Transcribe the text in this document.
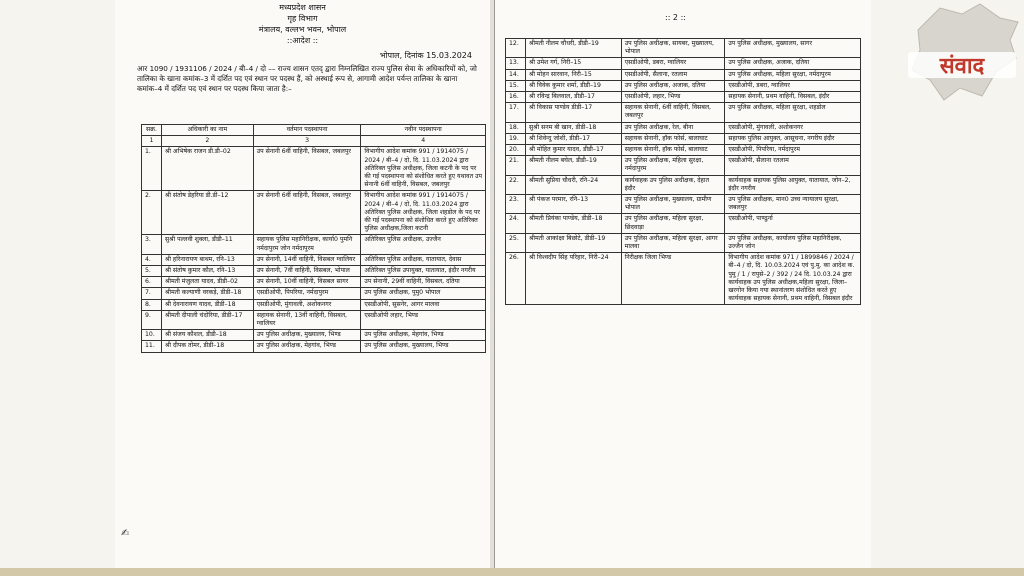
मध्यप्रदेश शासन
गृह विभाग
मंत्रालय, वल्लभ भवन, भोपाल
::आदेश ::
भोपाल, दिनांक 15.03.2024
आर 1090 / 1931106 / 2024 / बी–4 / दो –– राज्य शासन एतद् द्वारा निम्नलिखित राज्य पुलिस सेवा के अधिकारियों को, जो तालिका के खाना कमांक–3 में दर्शित पद एवं स्थान पर पदस्थ हैं, को अस्थाई रूप से, आगामी आदेश पर्यन्त तालिका के खाना कमांक–4 में दर्शित पद एवं स्थान पर पदस्थ किया जाता है:–
सक्र.	अधिकारी का नाम	वर्तमान पदस्थापना	नवीन पदस्थापना
1	2	3	4
1.	श्री अभिषेक राजन डी.डी–02	उप सेनानी 6वीं वाहिनी, विसबल, जबलपुर	विभागीय आदेश कमांक 991 / 1914075 / 2024 / बी–4 / दो, दि. 11.03.2024 द्वारा अतिरिक्त पुलिस अधीक्षक, जिला कटनी के पद पर की गई पदस्थापना को संशोधित करते हुए यथावत उप सेनानी 6वीं वाहिनी, विसबल, जबलपुर
2.	श्री संतोष डेहरिया डी.डी–12	उप सेनानी 6वीं वाहिनी, विसबल, जबलपुर	विभागीय आदेश कमांक 991 / 1914075 / 2024 / बी–4 / दो, दि. 11.03.2024 द्वारा अतिरिक्त पुलिस अधीक्षक, जिला शहडोल के पद पर की गई पदस्थापना को संशोधित करते हुए अतिरिक्त पुलिस अधीक्षक,जिला कटनी
3.	सुश्री पल्लवी शुक्ला, डीडी–11	सहायक पुलिस महानिरीक्षक, कार्या0 पुमनि नर्मदापुरम जोन नर्मदापुरम	अतिरिक्त पुलिस अधीक्षक, उज्जैन
4.	श्री हरिनारायण बाथम, रनि–13	उप सेनानी, 14वीं वाहिनी, विसबल ग्वालियर	अतिरिक्त पुलिस अधीक्षक, यातायात, देवास
5.	श्री संतोष कुमार कौल, रनि–13	उप सेनानी, 7वीं वाहिनी, विसबल, भोपाल	अतिरिक्त पुलिस उपायुक्त, यातायात, इंदौर नगरीय
6.	श्रीमती मंजुलता यादव, डीडी–02	उप सेनानी, 10वीं वाहिनी, विसबल सागर	उप सेनानी, 29वीं वाहिनी, विसबल, दतिया
7.	श्रीमती कल्याणी वरकड़े, डीडी–18	एसडीओपी, पिपरिया, नर्मदापुरम	उप पुलिस अधीक्षक, पुमु0 भोपाल
8.	श्री देवनारायण यादव, डीडी–18	एसडीओपी, मुंगावली, अशोकनगर	एसडीओपी, सुसनेर, आगर मालवा
9.	श्रीमती दीपाली चंदोरिया, डीडी–17	सहायक सेनानी, 13वीं वाहिनी, विसबल, ग्वालियर	एसडीओपी लहार, भिण्ड
10.	श्री संजय कौशल, डीडी–18	उप पुलिस अधीक्षक, मुख्यालय, भिण्ड	उप पुलिस अधीक्षक, मेहगांव, भिण्ड
11.	श्री दीपक तोमर, डीडी–18	उप पुलिस अधीक्षक, मेहगांव, भिण्ड	उप पुलिस अधीक्षक, मुख्यालय, भिण्ड
✍
:: 2 ::
12.	श्रीमती नीलम चौधरी, डीडी–19	उप पुलिस अधीक्षक, सायबर, मुख्यालय, भोपाल	उप पुलिस अधीक्षक, मुख्यालय, सागर
13.	श्री उमेश गर्ग, निरी–15	एसडीओपी, डबरा, ग्वालियर	उप पुलिस अधीक्षक, अजाक, दतिया
14.	श्री मोहन सारवान, निरी–15	एसडीओपी, सैलाना, रतलाम	उप पुलिस अधीक्षक, महिला सुरक्षा, नर्मदापुरम
15.	श्री विवेक कुमार शर्मा, डीडी–19	उप पुलिस अधीक्षक, अजाक, दतिया	एसडीओपी, डबरा, ग्वालियर
16.	श्री रविन्द्र बिलवाल, डीडी–17	एसडीओपी, लहार, भिण्ड	सहायक सेनानी, प्रथम वाहिनी, विसबल, इंदौर
17.	श्री विकास पाण्डेय डीडी–17	सहायक सेनानी, 6वीं वाहिनी, विसबल, जबलपुर	उप पुलिस अधीक्षक, महिला सुरक्षा, शहडोल
18.	सुश्री सनम बी खान, डीडी–18	उप पुलिस अधीक्षक, रेल, बीना	एसडीओपी, मुंगावली, अशोकनगर
19.	श्री शिवेन्दु जोशी, डीडी–17	सहायक सेनानी, हॉक फोर्स, बालाघाट	सहायक पुलिस आयुक्त, आसूचना, नगरीय इंदौर
20.	श्री मोहित कुमार यादव, डीडी–17	सहायक सेनानी, हॉक फोर्स, बालाघाट	एसडीओपी, पिपरिया, नर्मदापुरम
21.	श्रीमती नीलम बघेल, डीडी–19	उप पुलिस अधीक्षक, महिला सुरक्षा, नर्मदापुरम	एसडीओपी, सैलाना रतलाम
22.	श्रीमती सुप्रिया चौधरी, रनि–24	कार्यवाहक उप पुलिस अधीक्षक, देहात इंदौर	कार्यवाहक सहायक पुलिस आयुक्त, यातायात, जोन–2, इंदौर नगरीय
23.	श्री पंकज परमार, रनि–13	उप पुलिस अधीक्षक, मुख्यालय, ग्रामीण भोपाल	उप पुलिस अधीक्षक, मान0 उच्च न्यायालय सुरक्षा, जबलपुर
24.	श्रीमती प्रियंका पाण्डेय, डीडी–18	उप पुलिस अधीक्षक, महिला सुरक्षा, छिंदवाड़ा	एसडीओपी, पाण्ढुर्ना
25.	श्रीमती आकांक्षा बिछोटे, डीडी–19	उप पुलिस अधीक्षक, महिला सुरक्षा, आगर मालवा	उप पुलिस अधीक्षक, कार्यालय पुलिस महानिरीक्षक, उज्जैन जोन
26.	श्री विश्वदीप सिंह परिहार, निरी–24	निरीक्षक जिला भिण्ड	विभागीय आदेश कमांक 971 / 1899846 / 2024 / बी–4 / दो, दि. 10.03.2024 एवं पु.मु. का आदेश क. पुमु / 1 / रापुसे–2 / 392 / 24 दि. 10.03.24 द्वारा कार्यवाहक उप पुलिस अधीक्षक,महिला सुरक्षा, जिला–खरगोन किया गया स्थानांतरण संशोधित करते हुए कार्यवाहक सहायक सेनानी, प्रथम वाहिनी, विसबल इंदौर
संवाद
